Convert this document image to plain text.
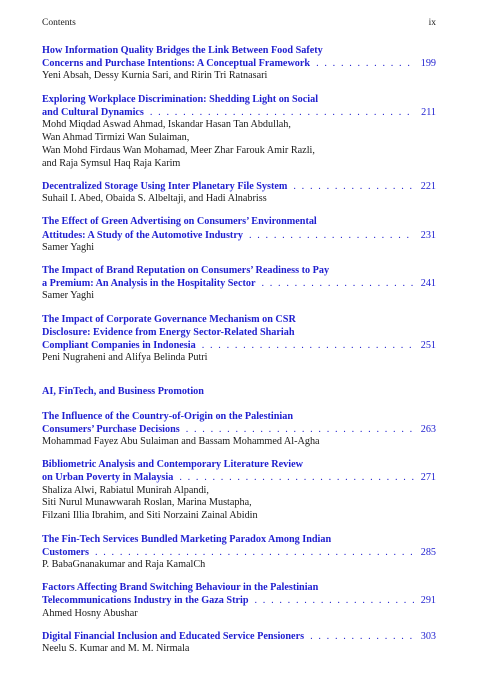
Contents	ix
How Information Quality Bridges the Link Between Food Safety
Concerns and Purchase Intentions: A Conceptual Framework . . .	199
Yeni Absah, Dessy Kurnia Sari, and Ririn Tri Ratnasari
Exploring Workplace Discrimination: Shedding Light on Social
and Cultural Dynamics . . .	211
Mohd Miqdad Aswad Ahmad, Iskandar Hasan Tan Abdullah,
Wan Ahmad Tirmizi Wan Sulaiman,
Wan Mohd Firdaus Wan Mohamad, Meer Zhar Farouk Amir Razli,
and Raja Symsul Haq Raja Karim
Decentralized Storage Using Inter Planetary File System . . .	221
Suhail I. Abed, Obaida S. Albeltaji, and Hadi Alnabriss
The Effect of Green Advertising on Consumers’ Environmental
Attitudes: A Study of the Automotive Industry . . .	231
Samer Yaghi
The Impact of Brand Reputation on Consumers’ Readiness to Pay
a Premium: An Analysis in the Hospitality Sector . . .	241
Samer Yaghi
The Impact of Corporate Governance Mechanism on CSR
Disclosure: Evidence from Energy Sector-Related Shariah
Compliant Companies in Indonesia . . .	251
Peni Nugraheni and Alifya Belinda Putri
AI, FinTech, and Business Promotion
The Influence of the Country-of-Origin on the Palestinian
Consumers’ Purchase Decisions . . .	263
Mohammad Fayez Abu Sulaiman and Bassam Mohammed Al-Agha
Bibliometric Analysis and Contemporary Literature Review
on Urban Poverty in Malaysia . . .	271
Shaliza Alwi, Rabiatul Munirah Alpandi,
Siti Nurul Munawwarah Roslan, Marina Mustapha,
Filzani Illia Ibrahim, and Siti Norzaini Zainal Abidin
The Fin-Tech Services Bundled Marketing Paradox Among Indian
Customers . . .	285
P. BabaGnanakumar and Raja KamalCh
Factors Affecting Brand Switching Behaviour in the Palestinian
Telecommunications Industry in the Gaza Strip . . .	291
Ahmed Hosny Abushar
Digital Financial Inclusion and Educated Service Pensioners . . .	303
Neelu S. Kumar and M. M. Nirmala
